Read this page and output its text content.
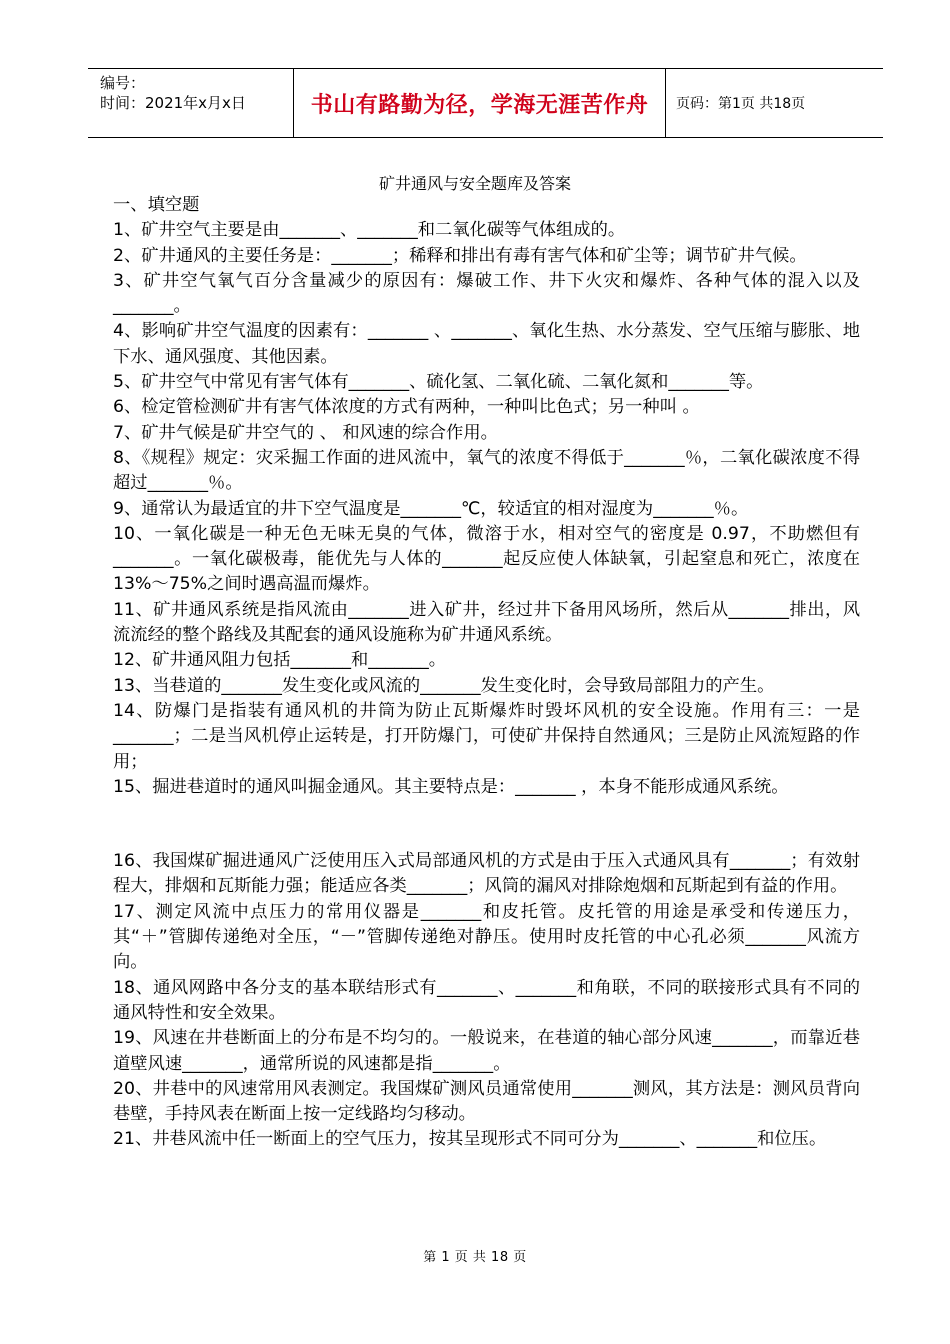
编号：
时间：2021年x月x日	书山有路勤为径，学海无涯苦作舟	页码：第1页 共18页
矿井通风与安全题库及答案

一、填空题

1、矿井空气主要是由_______、_______和二氧化碳等气体组成的。

2、矿井通风的主要任务是：_______；稀释和排出有毒有害气体和矿尘等；调节矿井气候。

3、矿井空气氧气百分含量减少的原因有：爆破工作、井下火灾和爆炸、各种气体的混入以及_______。

4、影响矿井空气温度的因素有：_______ 、_______、氧化生热、水分蒸发、空气压缩与膨胀、地下水、通风强度、其他因素。

5、矿井空气中常见有害气体有_______、硫化氢、二氧化硫、二氧化氮和_______等。

6、检定管检测矿井有害气体浓度的方式有两种，一种叫比色式；另一种叫 。

7、矿井气候是矿井空气的 、 和风速的综合作用。

8、《规程》规定：灾采掘工作面的进风流中，氧气的浓度不得低于_______％，二氧化碳浓度不得超过_______％。

9、通常认为最适宜的井下空气温度是_______℃，较适宜的相对湿度为_______％。

10、一氧化碳是一种无色无味无臭的气体，微溶于水，相对空气的密度是 0.97，不助燃但有_______。一氧化碳极毒，能优先与人体的_______起反应使人体缺氧，引起窒息和死亡，浓度在 13%～75%之间时遇高温而爆炸。

11、矿井通风系统是指风流由_______进入矿井，经过井下备用风场所，然后从_______排出，风流流经的整个路线及其配套的通风设施称为矿井通风系统。

12、矿井通风阻力包括_______和_______。

13、当巷道的_______发生变化或风流的_______发生变化时，会导致局部阻力的产生。

14、防爆门是指装有通风机的井筒为防止瓦斯爆炸时毁坏风机的安全设施。作用有三：一是_______；二是当风机停止运转是，打开防爆门，可使矿井保持自然通风；三是防止风流短路的作用；

15、掘进巷道时的通风叫掘金通风。其主要特点是：_______ ，本身不能形成通风系统。

16、我国煤矿掘进通风广泛使用压入式局部通风机的方式是由于压入式通风具有_______；有效射程大，排烟和瓦斯能力强；能适应各类_______；风筒的漏风对排除炮烟和瓦斯起到有益的作用。

17、测定风流中点压力的常用仪器是_______和皮托管。皮托管的用途是承受和传递压力，其“＋”管脚传递绝对全压，“－”管脚传递绝对静压。使用时皮托管的中心孔必须_______风流方向。

18、通风网路中各分支的基本联结形式有_______、_______和角联，不同的联接形式具有不同的通风特性和安全效果。

19、风速在井巷断面上的分布是不均匀的。一般说来，在巷道的轴心部分风速_______，而靠近巷道壁风速_______，通常所说的风速都是指_______。

20、井巷中的风速常用风表测定。我国煤矿测风员通常使用_______测风，其方法是：测风员背向巷壁，手持风表在断面上按一定线路均匀移动。

21、井巷风流中任一断面上的空气压力，按其呈现形式不同可分为_______、_______和位压。

第 1 页 共 18 页
